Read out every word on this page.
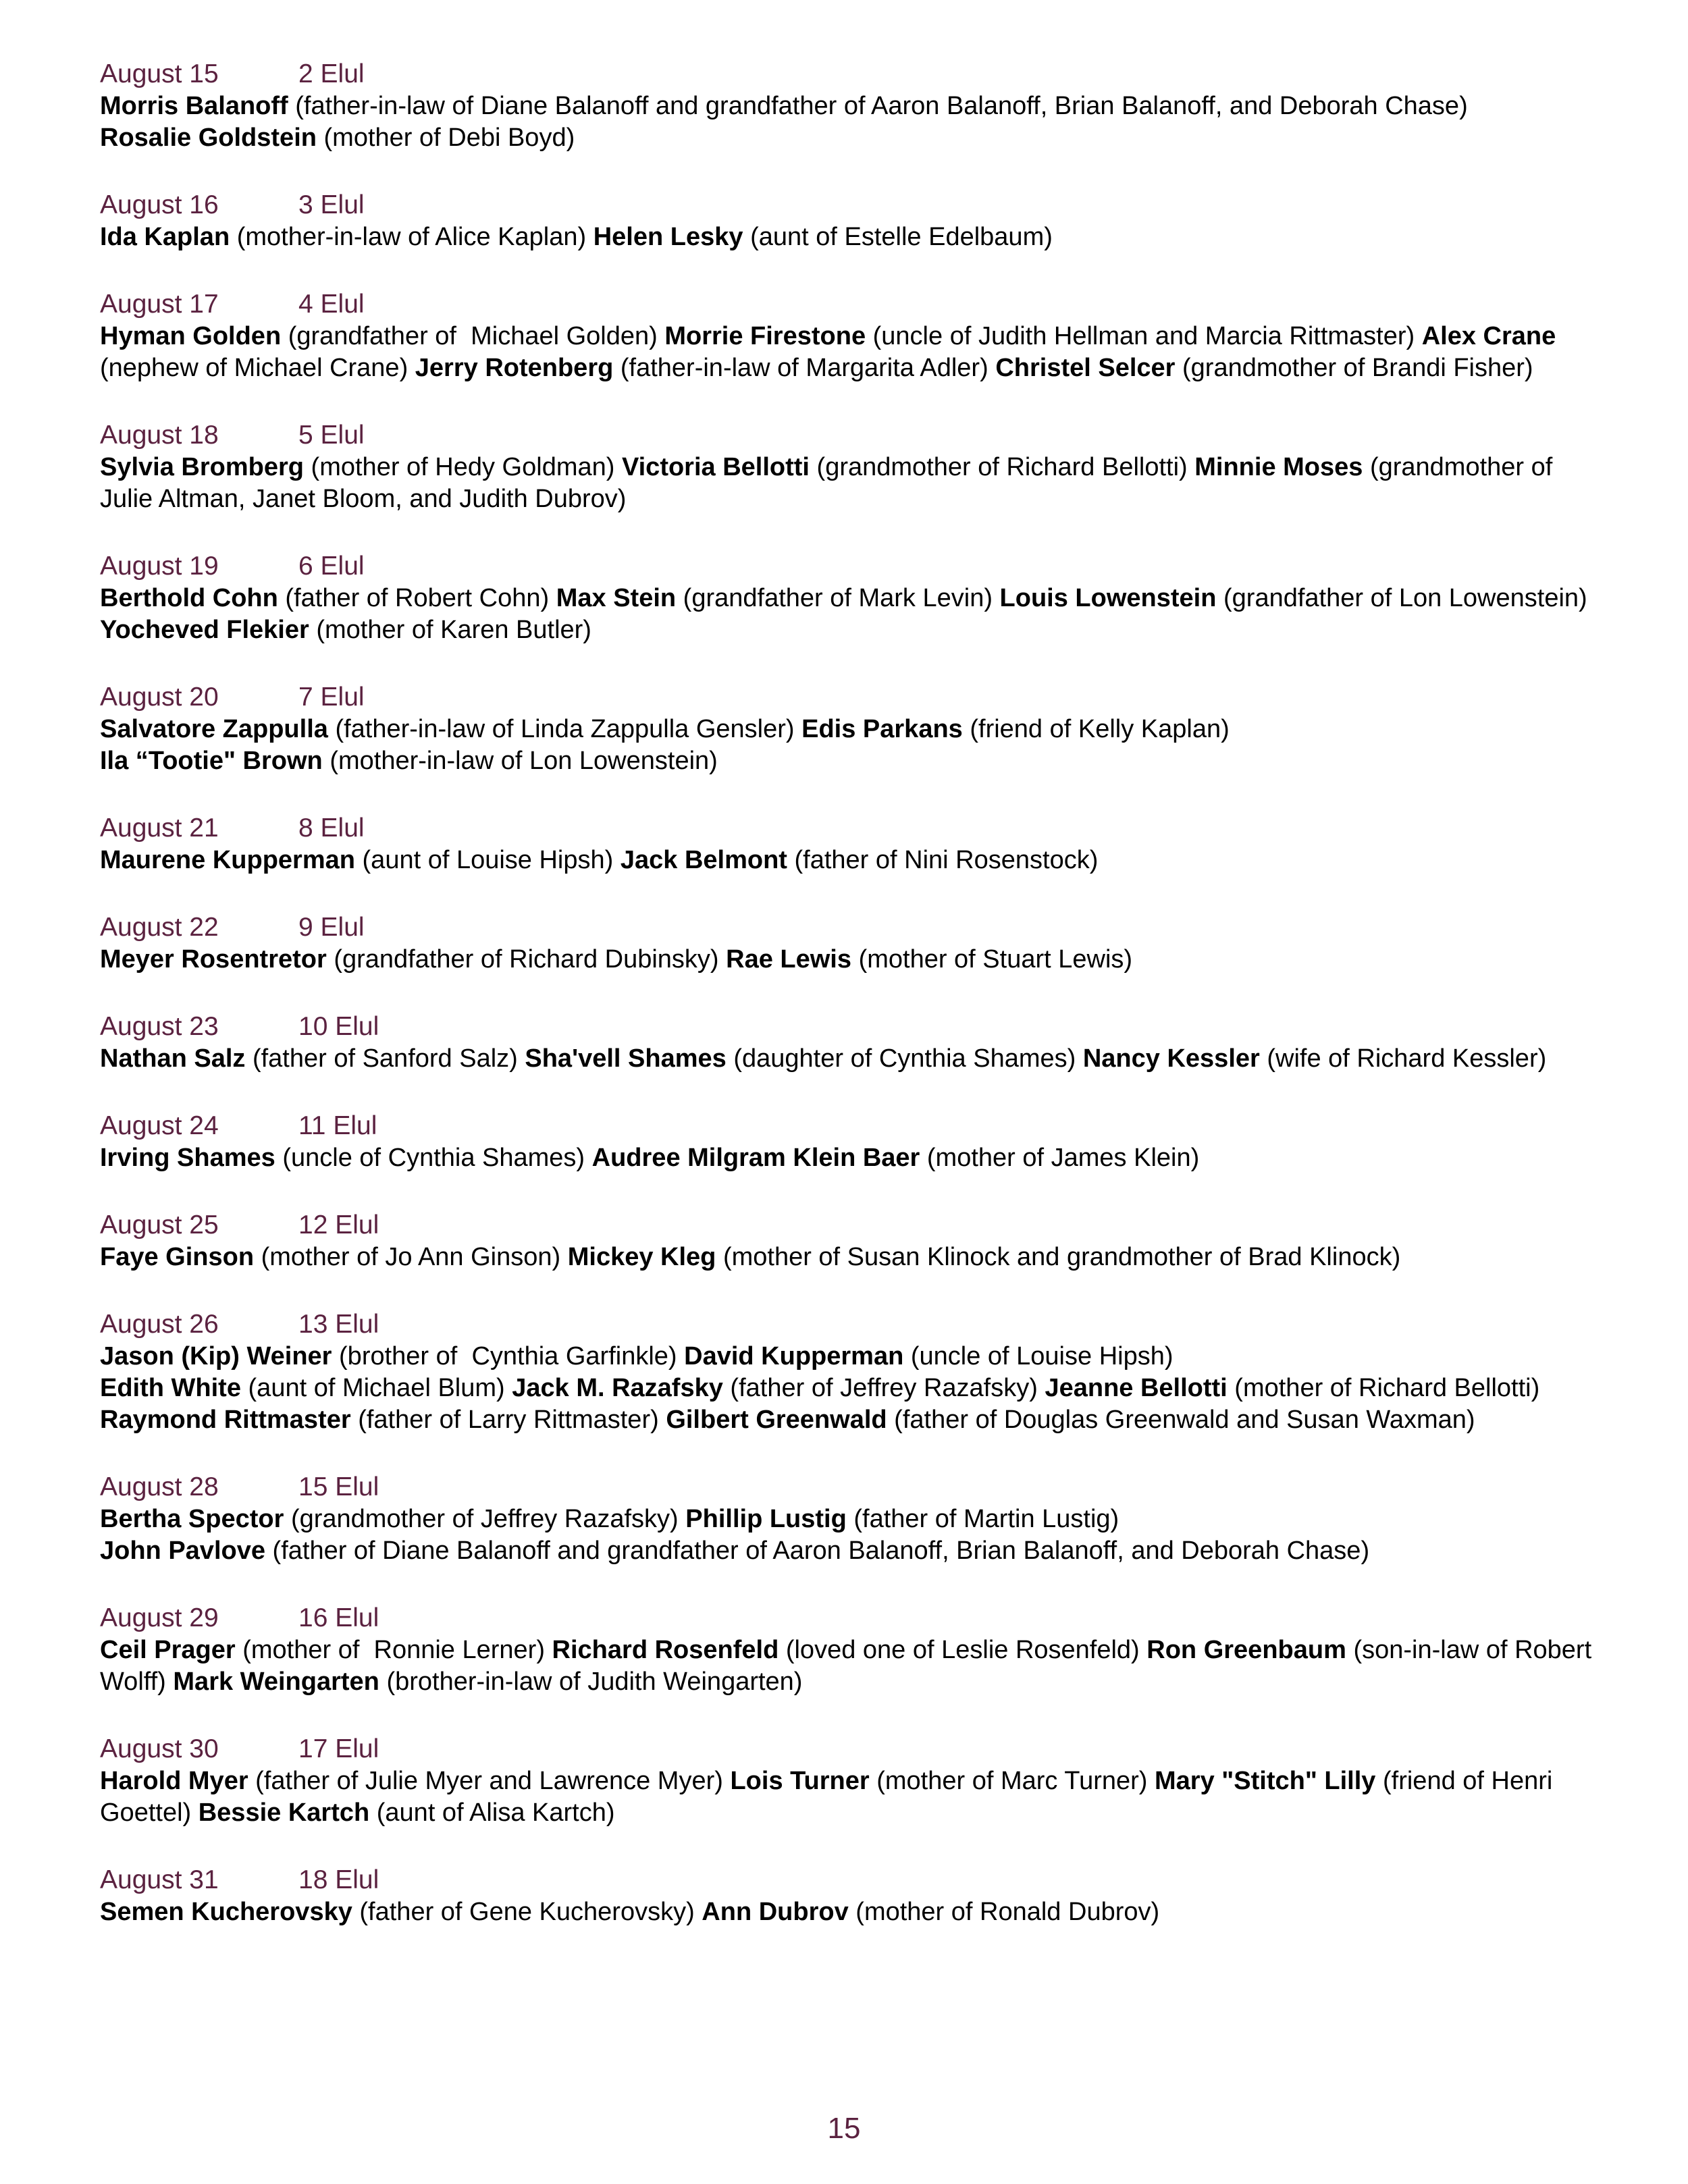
August 15	2 Elul
Morris Balanoff (father-in-law of Diane Balanoff and grandfather of Aaron Balanoff, Brian Balanoff, and Deborah Chase)
Rosalie Goldstein (mother of Debi Boyd)
August 16	3 Elul
Ida Kaplan (mother-in-law of Alice Kaplan) Helen Lesky (aunt of Estelle Edelbaum)
August 17	4 Elul
Hyman Golden (grandfather of  Michael Golden) Morrie Firestone (uncle of Judith Hellman and Marcia Rittmaster) Alex Crane (nephew of Michael Crane) Jerry Rotenberg (father-in-law of Margarita Adler) Christel Selcer (grandmother of Brandi Fisher)
August 18	5 Elul
Sylvia Bromberg (mother of Hedy Goldman) Victoria Bellotti (grandmother of Richard Bellotti) Minnie Moses (grandmother of Julie Altman, Janet Bloom, and Judith Dubrov)
August 19	6 Elul
Berthold Cohn (father of Robert Cohn) Max Stein (grandfather of Mark Levin) Louis Lowenstein (grandfather of Lon Lowenstein) Yocheved Flekier (mother of Karen Butler)
August 20	7 Elul
Salvatore Zappulla (father-in-law of Linda Zappulla Gensler) Edis Parkans (friend of Kelly Kaplan)
Ila “Tootie" Brown (mother-in-law of Lon Lowenstein)
August 21	8 Elul
Maurene Kupperman (aunt of Louise Hipsh) Jack Belmont (father of Nini Rosenstock)
August 22	9 Elul
Meyer Rosentretor (grandfather of Richard Dubinsky) Rae Lewis (mother of Stuart Lewis)
August 23	10 Elul
Nathan Salz (father of Sanford Salz) Sha'vell Shames (daughter of Cynthia Shames) Nancy Kessler (wife of Richard Kessler)
August 24	11 Elul
Irving Shames (uncle of Cynthia Shames) Audree Milgram Klein Baer (mother of James Klein)
August 25	12 Elul
Faye Ginson (mother of Jo Ann Ginson) Mickey Kleg (mother of Susan Klinock and grandmother of Brad Klinock)
August 26	13 Elul
Jason (Kip) Weiner (brother of  Cynthia Garfinkle) David Kupperman (uncle of Louise Hipsh)
Edith White (aunt of Michael Blum) Jack M. Razafsky (father of Jeffrey Razafsky) Jeanne Bellotti (mother of Richard Bellotti) Raymond Rittmaster (father of Larry Rittmaster) Gilbert Greenwald (father of Douglas Greenwald and Susan Waxman)
August 28	15 Elul
Bertha Spector (grandmother of Jeffrey Razafsky) Phillip Lustig (father of Martin Lustig)
John Pavlove (father of Diane Balanoff and grandfather of Aaron Balanoff, Brian Balanoff, and Deborah Chase)
August 29	16 Elul
Ceil Prager (mother of  Ronnie Lerner) Richard Rosenfeld (loved one of Leslie Rosenfeld) Ron Greenbaum (son-in-law of Robert Wolff) Mark Weingarten (brother-in-law of Judith Weingarten)
August 30	17 Elul
Harold Myer (father of Julie Myer and Lawrence Myer) Lois Turner (mother of Marc Turner) Mary "Stitch" Lilly (friend of Henri Goettel) Bessie Kartch (aunt of Alisa Kartch)
August 31	18 Elul
Semen Kucherovsky (father of Gene Kucherovsky) Ann Dubrov (mother of Ronald Dubrov)
15
